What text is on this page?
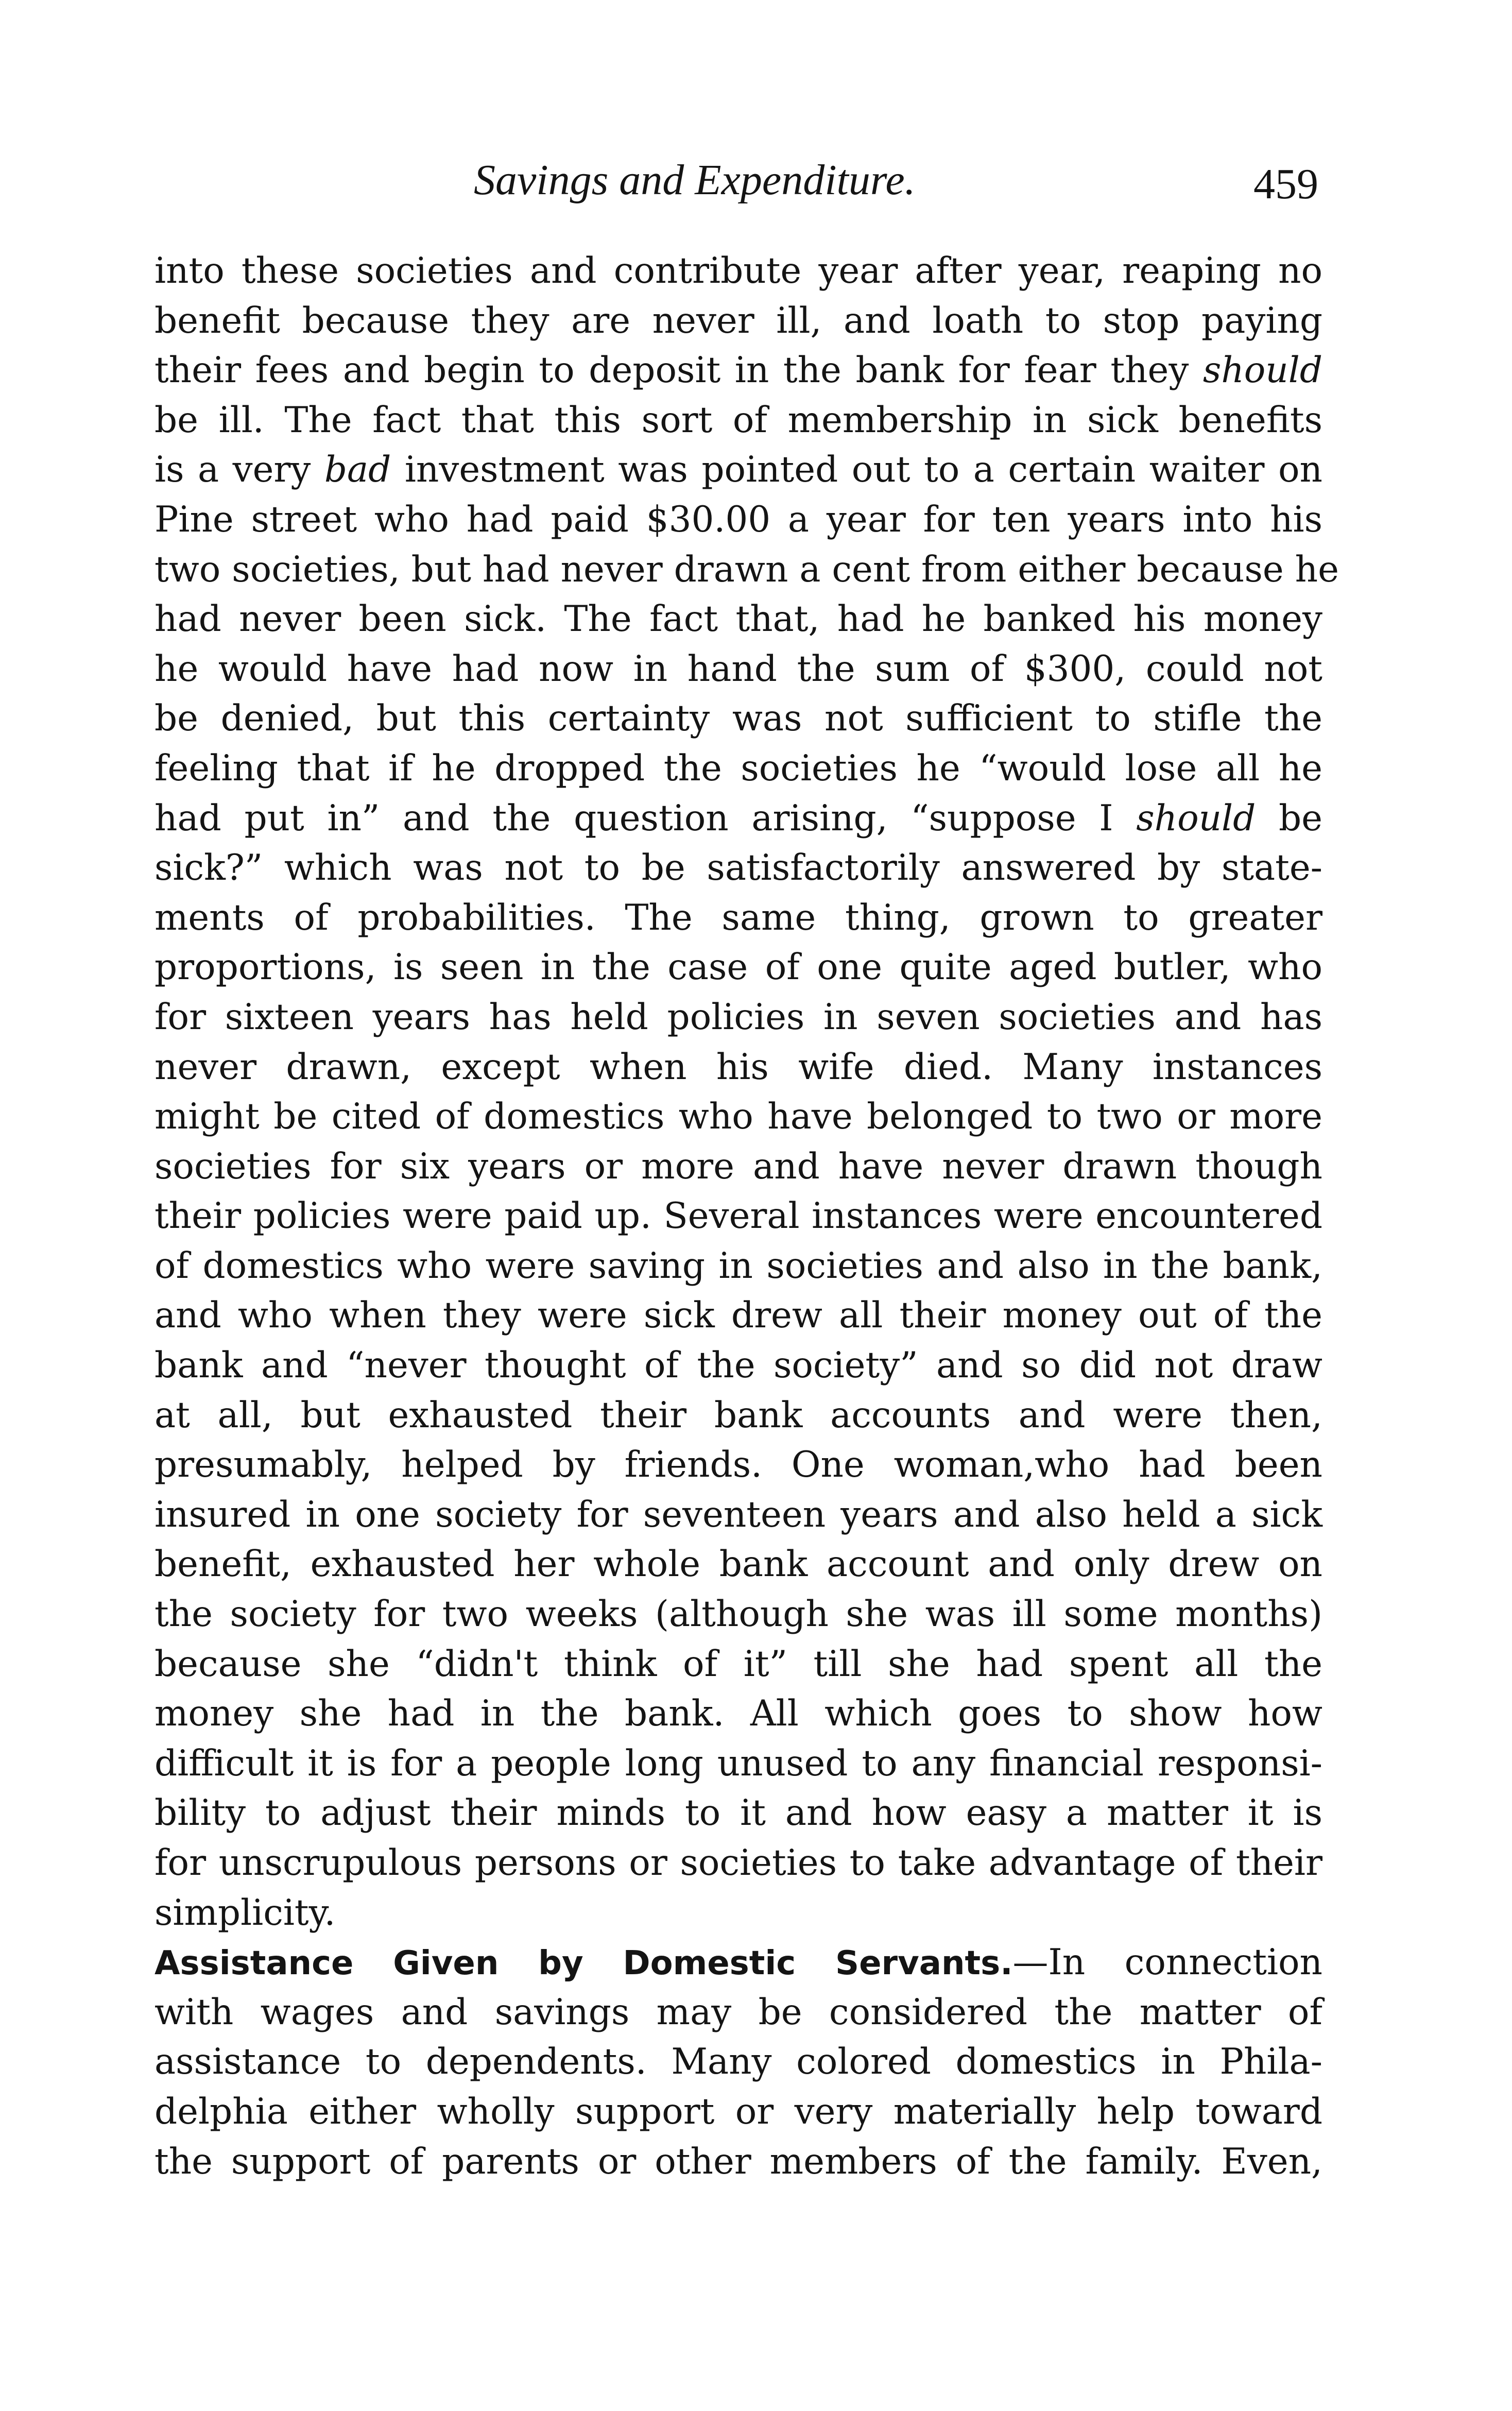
Savings and Expenditure.	459
into these societies and contribute year after year, reaping no
benefit because they are never ill, and loath to stop paying
their fees and begin to deposit in the bank for fear they should
be ill. The fact that this sort of membership in sick benefits
is a very bad investment was pointed out to a certain waiter on
Pine street who had paid $30.00 a year for ten years into his
two societies, but had never drawn a cent from either because he
had never been sick. The fact that, had he banked his money
he would have had now in hand the sum of $300, could not
be denied, but this certainty was not sufficient to stifle the
feeling that if he dropped the societies he “would lose all he
had put in” and the question arising, “suppose I should be
sick?” which was not to be satisfactorily answered by state-
ments of probabilities. The same thing, grown to greater
proportions, is seen in the case of one quite aged butler, who
for sixteen years has held policies in seven societies and has
never drawn, except when his wife died. Many instances
might be cited of domestics who have belonged to two or more
societies for six years or more and have never drawn though
their policies were paid up. Several instances were encountered
of domestics who were saving in societies and also in the bank,
and who when they were sick drew all their money out of the
bank and “never thought of the society” and so did not draw
at all, but exhausted their bank accounts and were then,
presumably, helped by friends. One woman,who had been
insured in one society for seventeen years and also held a sick
benefit, exhausted her whole bank account and only drew on
the society for two weeks (although she was ill some months)
because she “didn't think of it” till she had spent all the
money she had in the bank. All which goes to show how
difficult it is for a people long unused to any financial responsi-
bility to adjust their minds to it and how easy a matter it is
for unscrupulous persons or societies to take advantage of their
simplicity.
Assistance Given by Domestic Servants.—In connection
with wages and savings may be considered the matter of
assistance to dependents. Many colored domestics in Phila-
delphia either wholly support or very materially help toward
the support of parents or other members of the family. Even,
